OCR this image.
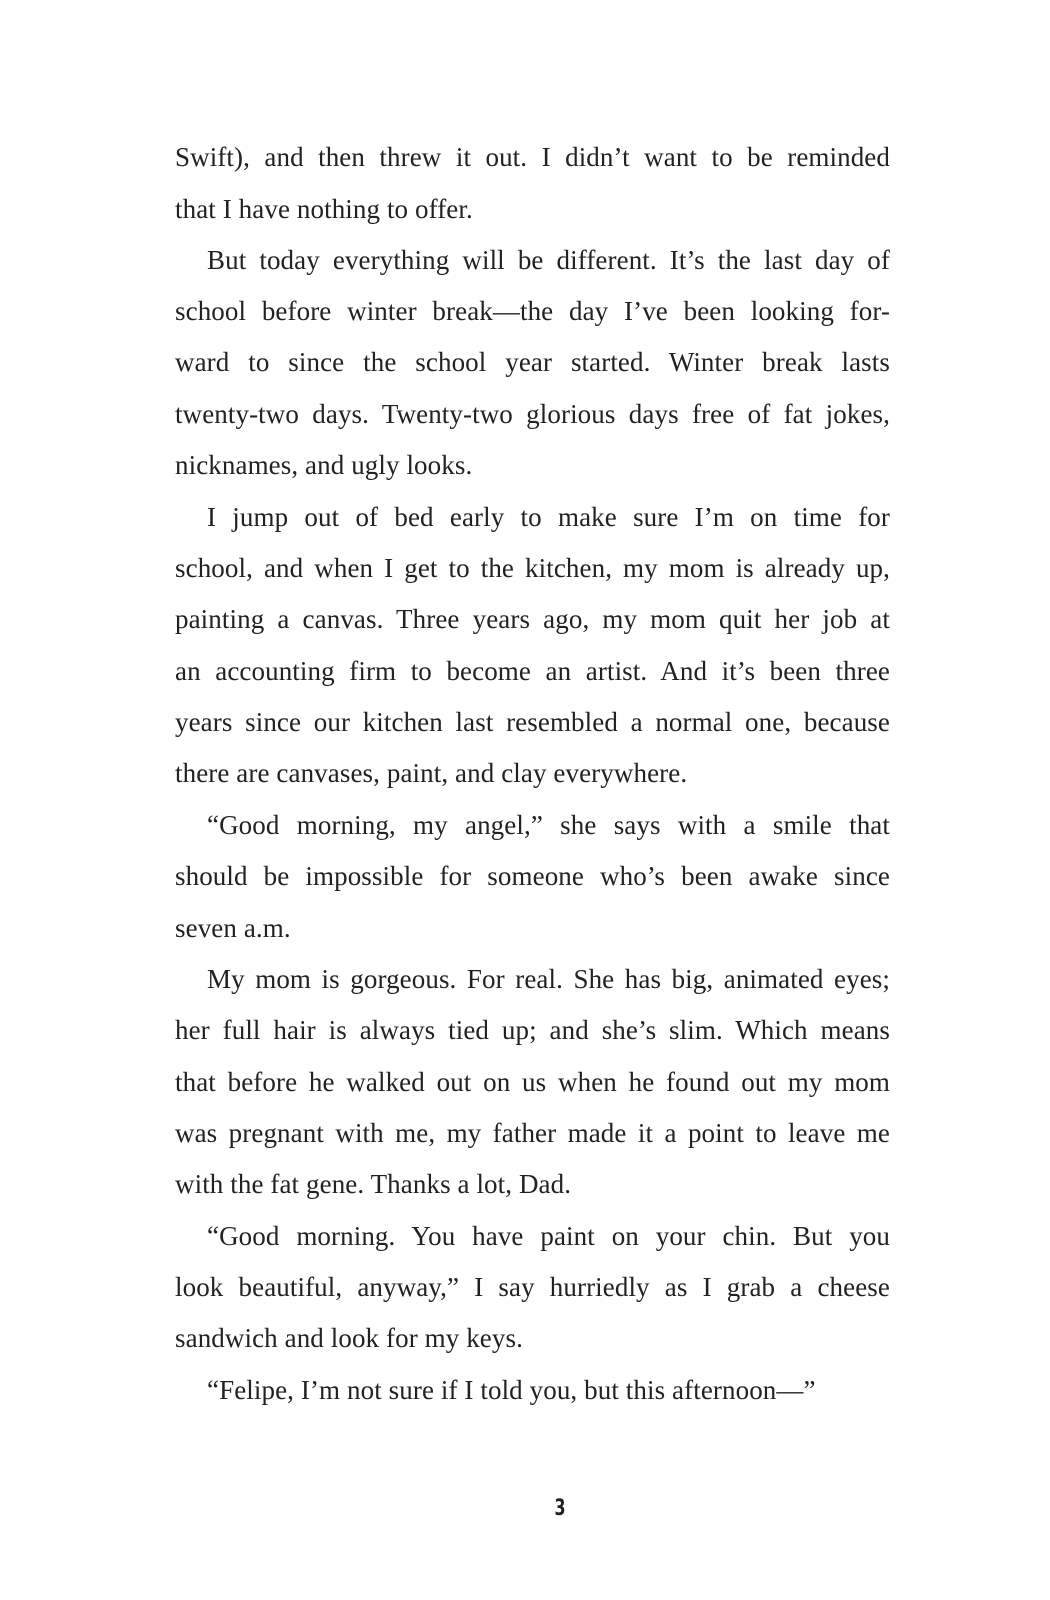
Swift), and then threw it out. I didn’t want to be reminded
that I have nothing to offer.
But today everything will be different. It’s the last day of
school before winter break—the day I’ve been looking for-
ward to since the school year started. Winter break lasts
twenty-two days. Twenty-two glorious days free of fat jokes,
nicknames, and ugly looks.
I jump out of bed early to make sure I’m on time for
school, and when I get to the kitchen, my mom is already up,
painting a canvas. Three years ago, my mom quit her job at
an accounting firm to become an artist. And it’s been three
years since our kitchen last resembled a normal one, because
there are canvases, paint, and clay everywhere.
“Good morning, my angel,” she says with a smile that
should be impossible for someone who’s been awake since
seven a.m.
My mom is gorgeous. For real. She has big, animated eyes;
her full hair is always tied up; and she’s slim. Which means
that before he walked out on us when he found out my mom
was pregnant with me, my father made it a point to leave me
with the fat gene. Thanks a lot, Dad.
“Good morning. You have paint on your chin. But you
look beautiful, anyway,” I say hurriedly as I grab a cheese
sandwich and look for my keys.
“Felipe, I’m not sure if I told you, but this afternoon—”
3
